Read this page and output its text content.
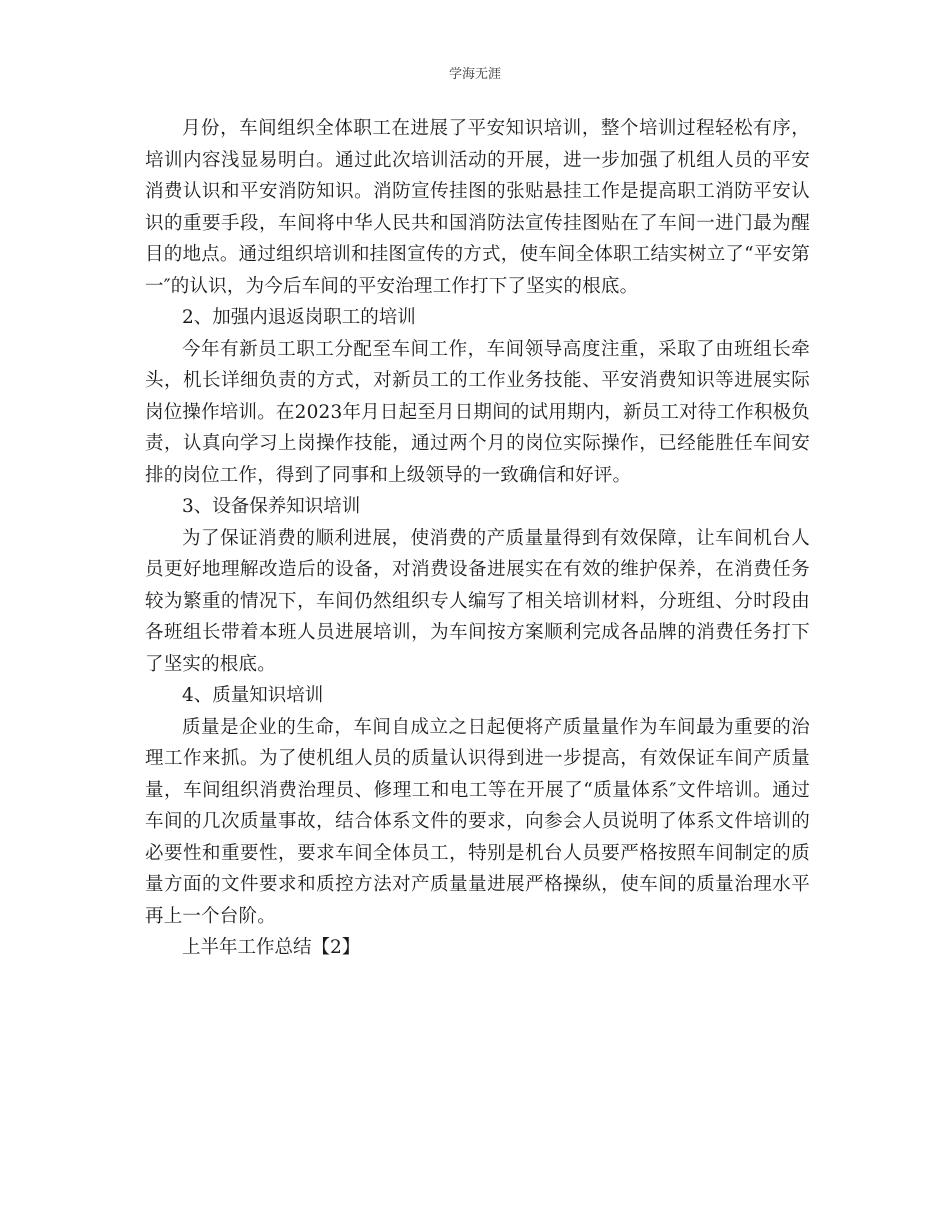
学海无涯

月份，车间组织全体职工在进展了平安知识培训，整个培训过程轻松有序，培训内容浅显易明白。通过此次培训活动的开展，进一步加强了机组人员的平安消费认识和平安消防知识。消防宣传挂图的张贴悬挂工作是提高职工消防平安认识的重要手段，车间将中华人民共和国消防法宣传挂图贴在了车间一进门最为醒目的地点。通过组织培训和挂图宣传的方式，使车间全体职工结实树立了“平安第一″的认识，为今后车间的平安治理工作打下了坚实的根底。

2、加强内退返岗职工的培训

今年有新员工职工分配至车间工作，车间领导高度注重，采取了由班组长牵头，机长详细负责的方式，对新员工的工作业务技能、平安消费知识等进展实际岗位操作培训。在2023年月日起至月日期间的试用期内，新员工对待工作积极负责，认真向学习上岗操作技能，通过两个月的岗位实际操作，已经能胜任车间安排的岗位工作，得到了同事和上级领导的一致确信和好评。

3、设备保养知识培训

为了保证消费的顺利进展，使消费的产质量量得到有效保障，让车间机台人员更好地理解改造后的设备，对消费设备进展实在有效的维护保养，在消费任务较为繁重的情况下，车间仍然组织专人编写了相关培训材料，分班组、分时段由各班组长带着本班人员进展培训，为车间按方案顺利完成各品牌的消费任务打下了坚实的根底。

4、质量知识培训

质量是企业的生命，车间自成立之日起便将产质量量作为车间最为重要的治理工作来抓。为了使机组人员的质量认识得到进一步提高，有效保证车间产质量量，车间组织消费治理员、修理工和电工等在开展了“质量体系″文件培训。通过车间的几次质量事故，结合体系文件的要求，向参会人员说明了体系文件培训的必要性和重要性，要求车间全体员工，特别是机台人员要严格按照车间制定的质量方面的文件要求和质控方法对产质量量进展严格操纵，使车间的质量治理水平再上一个台阶。

上半年工作总结【2】
